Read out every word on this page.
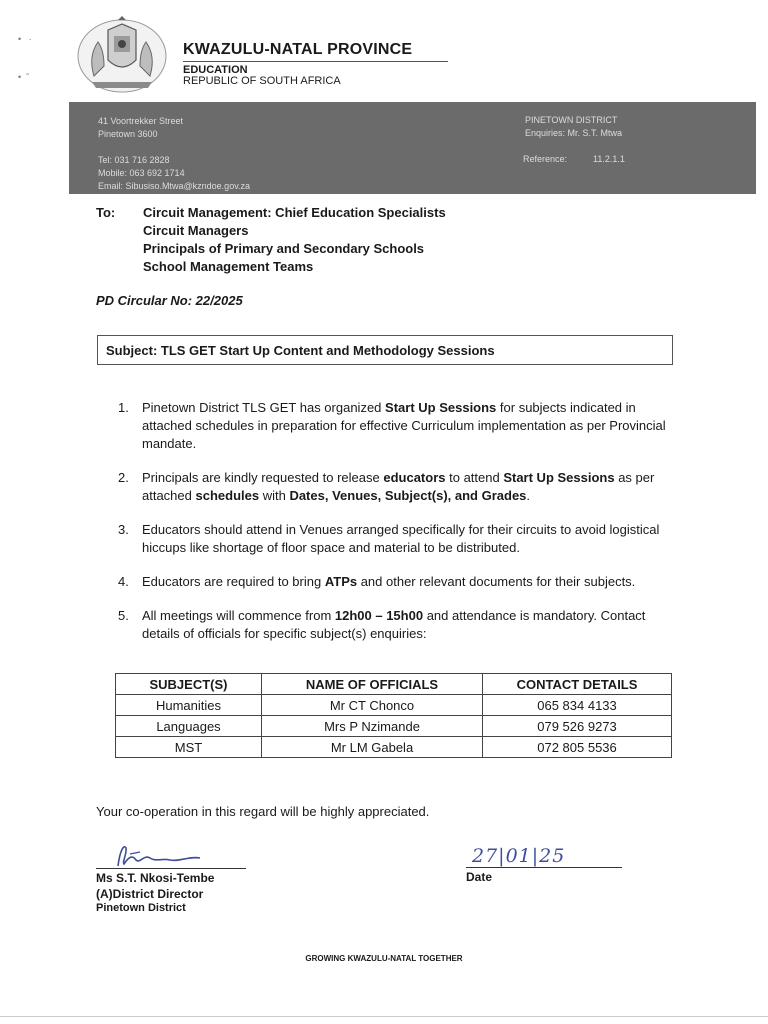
•   ·
•  ˜
KWAZULU-NATAL PROVINCE
EDUCATION
REPUBLIC OF SOUTH AFRICA
41 Voortrekker Street
Pinetown 3600
Tel: 031 716 2828
Mobile: 063 692 1714
Email: Sibusiso.Mtwa@kzndoe.gov.za
PINETOWN DISTRICT
Enquiries: Mr. S.T. Mtwa
Reference:	11.2.1.1
To: Circuit Management: Chief Education Specialists
Circuit Managers
Principals of Primary and Secondary Schools
School Management Teams
PD Circular No: 22/2025
Subject: TLS GET Start Up Content and Methodology Sessions
1. Pinetown District TLS GET has organized Start Up Sessions for subjects indicated in attached schedules in preparation for effective Curriculum implementation as per Provincial mandate.
2. Principals are kindly requested to release educators to attend Start Up Sessions as per attached schedules with Dates, Venues, Subject(s), and Grades.
3. Educators should attend in Venues arranged specifically for their circuits to avoid logistical hiccups like shortage of floor space and material to be distributed.
4. Educators are required to bring ATPs and other relevant documents for their subjects.
5. All meetings will commence from 12h00 – 15h00 and attendance is mandatory. Contact details of officials for specific subject(s) enquiries:
SUBJECT(S)	NAME OF OFFICIALS	CONTACT DETAILS
Humanities	Mr CT Chonco	065 834 4133
Languages	Mrs P Nzimande	079 526 9273
MST	Mr LM Gabela	072 805 5536
Your co-operation in this regard will be highly appreciated.
Ms S.T. Nkosi-Tembe
(A)District Director
Pinetown District
27|01|25
Date
GROWING KWAZULU-NATAL TOGETHER
